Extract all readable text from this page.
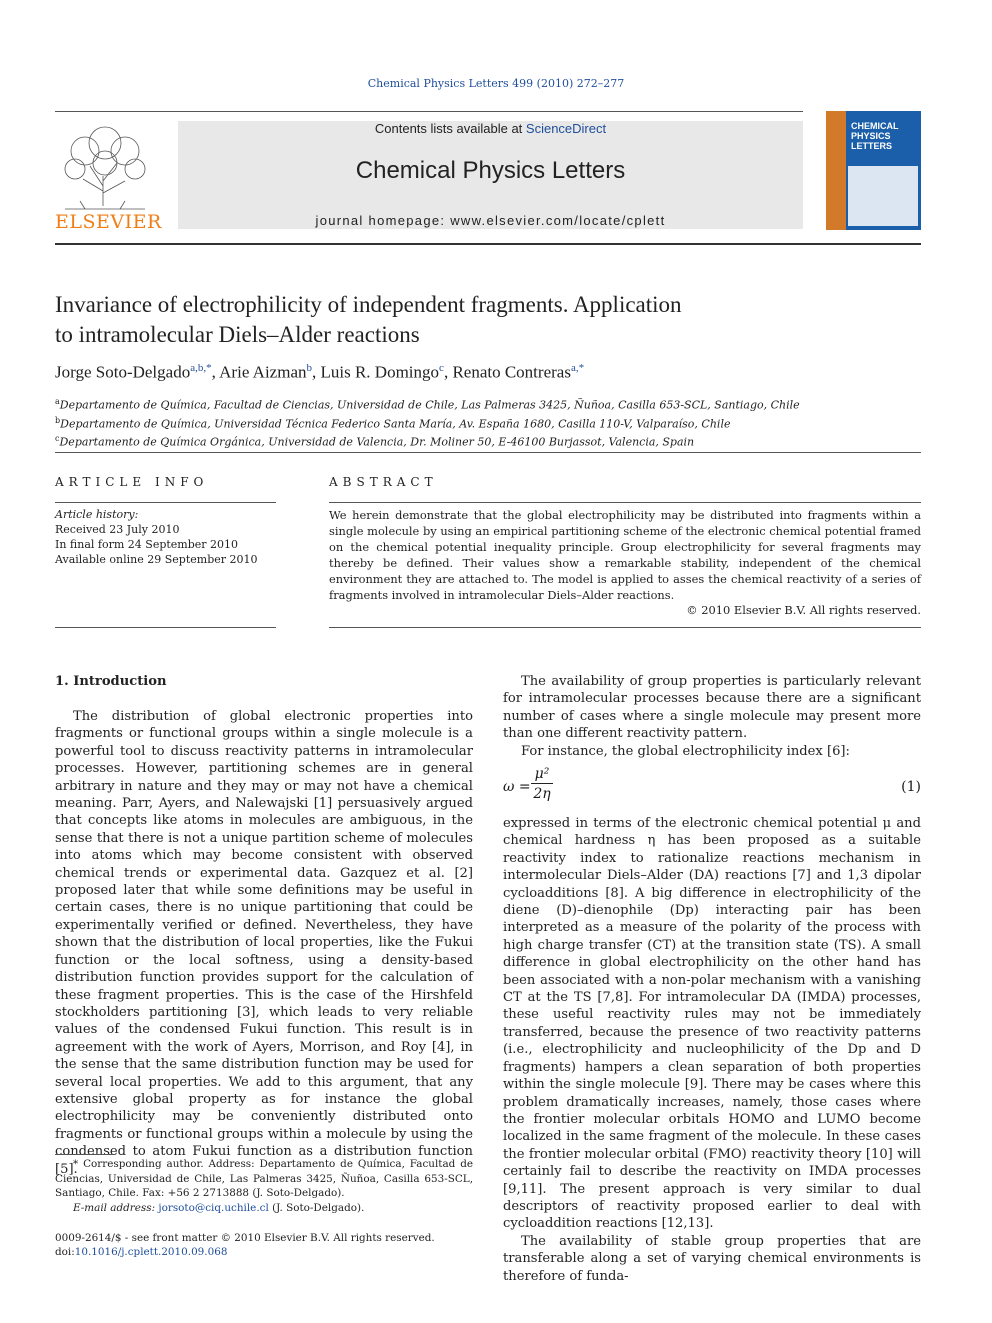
Chemical Physics Letters 499 (2010) 272–277
ELSEVIER
Contents lists available at ScienceDirect
Chemical Physics Letters
journal homepage: www.elsevier.com/locate/cplett
CHEMICAL PHYSICS LETTERS
Invariance of electrophilicity of independent fragments. Application
to intramolecular Diels–Alder reactions
Jorge Soto-Delgado$^{a,b,*}$, Arie Aizman$^b$, Luis R. Domingo$^c$, Renato Contreras$^{a,*}$
$^a$Departamento de Química, Facultad de Ciencias, Universidad de Chile, Las Palmeras 3425, Ñuñoa, Casilla 653-SCL, Santiago, Chile
$^b$Departamento de Química, Universidad Técnica Federico Santa María, Av. España 1680, Casilla 110-V, Valparaíso, Chile
$^c$Departamento de Química Orgánica, Universidad de Valencia, Dr. Moliner 50, E-46100 Burjassot, Valencia, Spain
ARTICLE INFO
Article history:
Received 23 July 2010
In final form 24 September 2010
Available online 29 September 2010
ABSTRACT
We herein demonstrate that the global electrophilicity may be distributed into fragments within a single molecule by using an empirical partitioning scheme of the electronic chemical potential framed on the chemical potential inequality principle. Group electrophilicity for several fragments may thereby be defined. Their values show a remarkable stability, independent of the chemical environment they are attached to. The model is applied to asses the chemical reactivity of a series of fragments involved in intramolecular Diels–Alder reactions.
© 2010 Elsevier B.V. All rights reserved.
1. Introduction

The distribution of global electronic properties into fragments or functional groups within a single molecule is a powerful tool to discuss reactivity patterns in intramolecular processes. However, partitioning schemes are in general arbitrary in nature and they may or may not have a chemical meaning. Parr, Ayers, and Nalewajski [1] persuasively argued that concepts like atoms in molecules are ambiguous, in the sense that there is not a unique partition scheme of molecules into atoms which may become consistent with observed chemical trends or experimental data. Gazquez et al. [2] proposed later that while some definitions may be useful in certain cases, there is no unique partitioning that could be experimentally verified or defined. Nevertheless, they have shown that the distribution of local properties, like the Fukui function or the local softness, using a density-based distribution function provides support for the calculation of these fragment properties. This is the case of the Hirshfeld stockholders partitioning [3], which leads to very reliable values of the condensed Fukui function. This result is in agreement with the work of Ayers, Morrison, and Roy [4], in the sense that the same distribution function may be used for several local properties. We add to this argument, that any extensive global property as for instance the global electrophilicity may be conveniently distributed onto fragments or functional groups within a molecule by using the condensed to atom Fukui function as a distribution function [5].

The availability of group properties is particularly relevant for intramolecular processes because there are a significant number of cases where a single molecule may present more than one different reactivity pattern.

For instance, the global electrophilicity index [6]:

$\omega = \frac{\text{μ²}}{2\eta}$	(1)

expressed in terms of the electronic chemical potential μ and chemical hardness η has been proposed as a suitable reactivity index to rationalize reactions mechanism in intermolecular Diels–Alder (DA) reactions [7] and 1,3 dipolar cycloadditions [8]. A big difference in electrophilicity of the diene (D)–dienophile (Dp) interacting pair has been interpreted as a measure of the polarity of the process with high charge transfer (CT) at the transition state (TS). A small difference in global electrophilicity on the other hand has been associated with a non-polar mechanism with a vanishing CT at the TS [7,8]. For intramolecular DA (IMDA) processes, these useful reactivity rules may not be immediately transferred, because the presence of two reactivity patterns (i.e., electrophilicity and nucleophilicity of the Dp and D fragments) hampers a clean separation of both properties within the single molecule [9]. There may be cases where this problem dramatically increases, namely, those cases where the frontier molecular orbitals HOMO and LUMO become localized in the same fragment of the molecule. In these cases the frontier molecular orbital (FMO) reactivity theory [10] will certainly fail to describe the reactivity on IMDA processes [9,11]. The present approach is very similar to dual descriptors of reactivity proposed earlier to deal with cycloaddition reactions [12,13].

The availability of stable group properties that are transferable along a set of varying chemical environments is therefore of funda-

* Corresponding author. Address: Departamento de Química, Facultad de Ciencias, Universidad de Chile, Las Palmeras 3425, Ñuñoa, Casilla 653-SCL, Santiago, Chile. Fax: +56 2 2713888 (J. Soto-Delgado).

E-mail address: jorsoto@ciq.uchile.cl (J. Soto-Delgado).

0009-2614/$ - see front matter © 2010 Elsevier B.V. All rights reserved.
doi:10.1016/j.cplett.2010.09.068
